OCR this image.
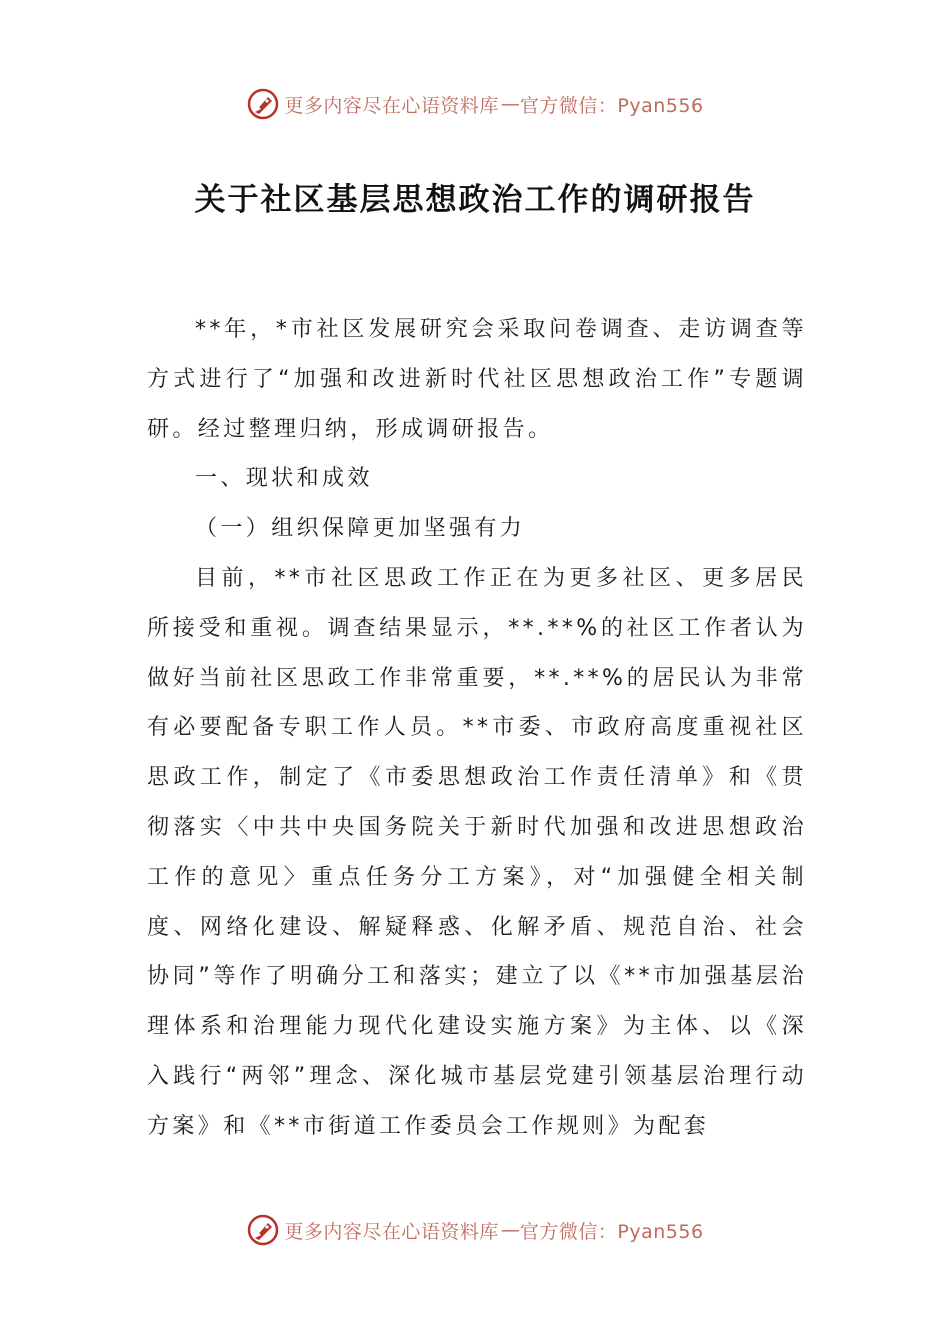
更多内容尽在心语资料库 — 官方微信：Pyan556
关于社区基层思想政治工作的调研报告

**年，*市社区发展研究会采取问卷调查、走访调查等方式进行了“加强和改进新时代社区思想政治工作”专题调研。经过整理归纳，形成调研报告。

一、现状和成效

（一）组织保障更加坚强有力

目前，**市社区思政工作正在为更多社区、更多居民所接受和重视。调查结果显示，**.**%的社区工作者认为做好当前社区思政工作非常重要，**.**%的居民认为非常有必要配备专职工作人员。**市委、市政府高度重视社区思政工作，制定了《市委思想政治工作责任清单》和《贯彻落实〈中共中央国务院关于新时代加强和改进思想政治工作的意见〉重点任务分工方案》，对“加强健全相关制度、网络化建设、解疑释惑、化解矛盾、规范自治、社会协同”等作了明确分工和落实；建立了以《**市加强基层治理体系和治理能力现代化建设实施方案》为主体、以《深入践行“两邻”理念、深化城市基层党建引领基层治理行动方案》和《**市街道工作委员会工作规则》为配套

更多内容尽在心语资料库 — 官方微信：Pyan556
